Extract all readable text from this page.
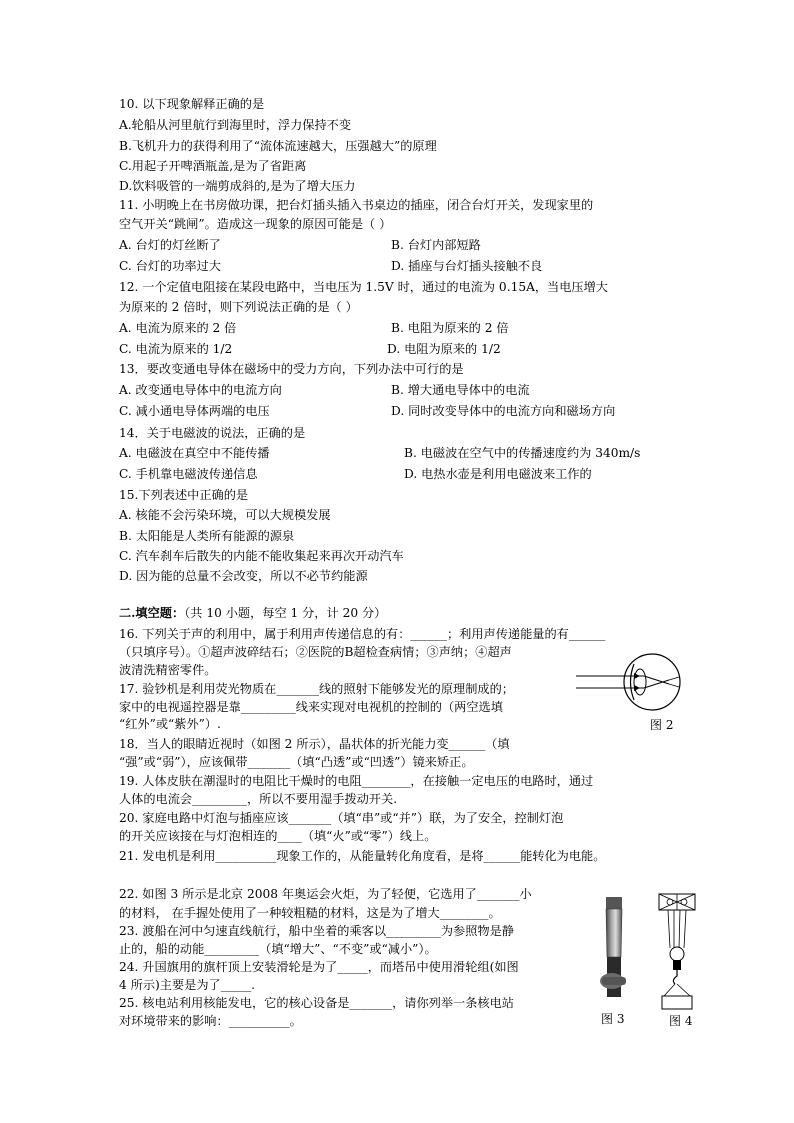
10. 以下现象解释正确的是
A.轮船从河里航行到海里时，浮力保持不变
B.飞机升力的获得利用了“流体流速越大，压强越大”的原理
C.用起子开啤酒瓶盖,是为了省距离
D.饮料吸管的一端剪成斜的,是为了增大压力
11. 小明晚上在书房做功课，把台灯插头插入书桌边的插座，闭合台灯开关，发现家里的
空气开关“跳闸”。造成这一现象的原因可能是（ ）
A. 台灯的灯丝断了	B. 台灯内部短路
C. 台灯的功率过大	D. 插座与台灯插头接触不良
12. 一个定值电阻接在某段电路中，当电压为 1.5V 时，通过的电流为 0.15A，当电压增大
为原来的 2 倍时，则下列说法正确的是（ ）
A. 电流为原来的 2 倍	B. 电阻为原来的 2 倍
C. 电流为原来的 1/2	D. 电阻为原来的 1/2
13．要改变通电导体在磁场中的受力方向，下列办法中可行的是
A. 改变通电导体中的电流方向	B. 增大通电导体中的电流
C. 减小通电导体两端的电压	D. 同时改变导体中的电流方向和磁场方向
14．关于电磁波的说法，正确的是
A. 电磁波在真空中不能传播	B. 电磁波在空气中的传播速度约为 340m/s
C. 手机靠电磁波传递信息	D. 电热水壶是利用电磁波来工作的
15.下列表述中正确的是
A. 核能不会污染环境，可以大规模发展
B. 太阳能是人类所有能源的源泉
C. 汽车刹车后散失的内能不能收集起来再次开动汽车
D. 因为能的总量不会改变，所以不必节约能源
二.填空题：（共 10 小题，每空 1 分，计 20 分）
16. 下列关于声的利用中，属于利用声传递信息的有：______；利用声传递能量的有______
（只填序号）。①超声波碎结石；②医院的B超检查病情；③声纳；④超声
波清洗精密零件。
17. 验钞机是利用荧光物质在_______线的照射下能够发光的原理制成的；
家中的电视遥控器是靠_________线来实现对电视机的控制的（两空选填
“红外”或“紫外”）.
18．当人的眼睛近视时（如图 2 所示），晶状体的折光能力变______（填
“强”或“弱”），应该佩带_______（填“凸透”或“凹透”）镜来矫正。
19. 人体皮肤在潮湿时的电阻比干燥时的电阻________，在接触一定电压的电路时，通过
人体的电流会_________，所以不要用湿手拨动开关.
20. 家庭电路中灯泡与插座应该_______（填“串”或“并”）联，为了安全，控制灯泡
的开关应该接在与灯泡相连的____（填“火”或“零”）线上。
21. 发电机是利用__________现象工作的，从能量转化角度看，是将______能转化为电能。
22. 如图 3 所示是北京 2008 年奥运会火炬，为了轻便，它选用了_______小
的材料， 在手握处使用了一种较粗糙的材料，这是为了增大________。
23. 渡船在河中匀速直线航行，船中坐着的乘客以_________为参照物是静
止的，船的动能_________（填“增大”、“不变”或“减小”）。
24. 升国旗用的旗杆顶上安装滑轮是为了_____，而塔吊中使用滑轮组(如图
4 所示)主要是为了_____.
25. 核电站利用核能发电，它的核心设备是_______，请你列举一条核电站
对环境带来的影响：__________。
图 2
图 3	图 4
